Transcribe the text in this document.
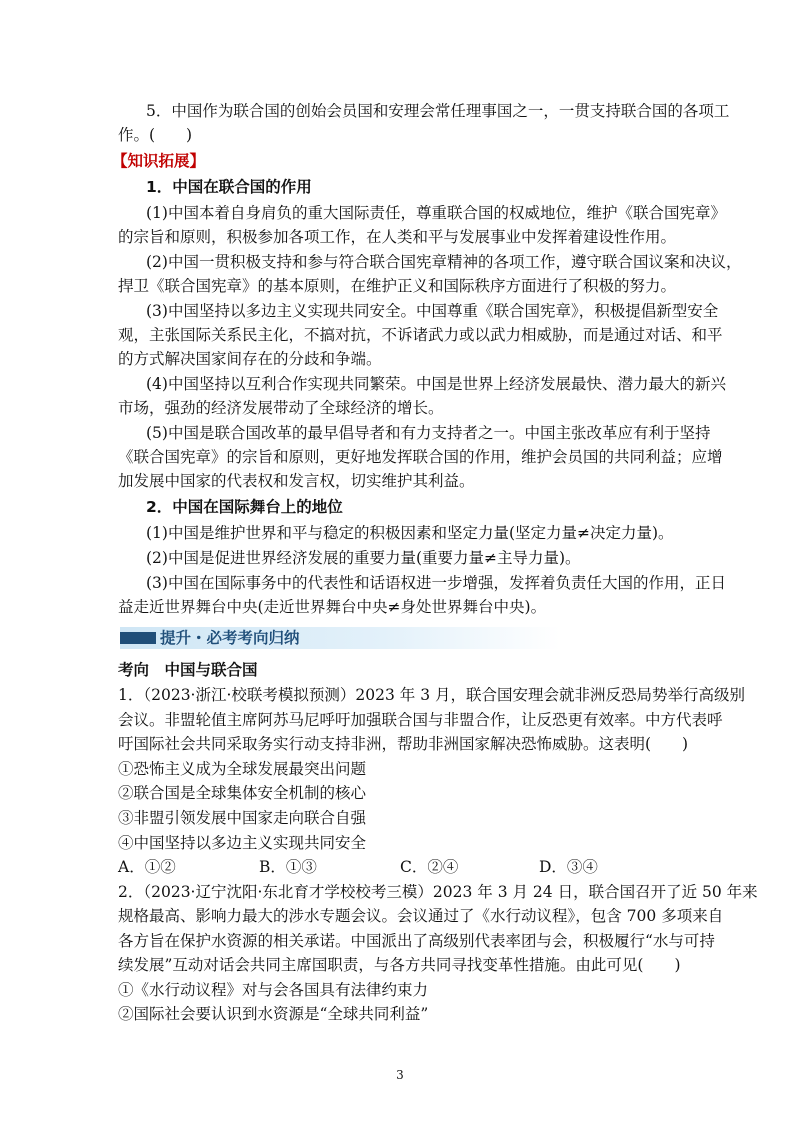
5．中国作为联合国的创始会员国和安理会常任理事国之一，一贯支持联合国的各项工
作。(　　)
【知识拓展】
1．中国在联合国的作用
(1)中国本着自身肩负的重大国际责任，尊重联合国的权威地位，维护《联合国宪章》
的宗旨和原则，积极参加各项工作，在人类和平与发展事业中发挥着建设性作用。
(2)中国一贯积极支持和参与符合联合国宪章精神的各项工作，遵守联合国议案和决议，
捍卫《联合国宪章》的基本原则，在维护正义和国际秩序方面进行了积极的努力。
(3)中国坚持以多边主义实现共同安全。中国尊重《联合国宪章》，积极提倡新型安全
观，主张国际关系民主化，不搞对抗，不诉诸武力或以武力相威胁，而是通过对话、和平
的方式解决国家间存在的分歧和争端。
(4)中国坚持以互利合作实现共同繁荣。中国是世界上经济发展最快、潜力最大的新兴
市场，强劲的经济发展带动了全球经济的增长。
(5)中国是联合国改革的最早倡导者和有力支持者之一。中国主张改革应有利于坚持
《联合国宪章》的宗旨和原则，更好地发挥联合国的作用，维护会员国的共同利益；应增
加发展中国家的代表权和发言权，切实维护其利益。
2．中国在国际舞台上的地位
(1)中国是维护世界和平与稳定的积极因素和坚定力量(坚定力量≠决定力量)。
(2)中国是促进世界经济发展的重要力量(重要力量≠主导力量)。
(3)中国在国际事务中的代表性和话语权进一步增强，发挥着负责任大国的作用，正日
益走近世界舞台中央(走近世界舞台中央≠身处世界舞台中央)。
提升・必考考向归纳
考向　中国与联合国
1．（2023·浙江·校联考模拟预测）2023 年 3 月，联合国安理会就非洲反恐局势举行高级别
会议。非盟轮值主席阿苏马尼呼吁加强联合国与非盟合作，让反恐更有效率。中方代表呼
吁国际社会共同采取务实行动支持非洲，帮助非洲国家解决恐怖威胁。这表明(　　)
①恐怖主义成为全球发展最突出问题
②联合国是全球集体安全机制的核心
③非盟引领发展中国家走向联合自强
④中国坚持以多边主义实现共同安全
A．①②	B．①③	C．②④	D．③④
2．（2023·辽宁沈阳·东北育才学校校考三模）2023 年 3 月 24 日，联合国召开了近 50 年来
规格最高、影响力最大的涉水专题会议。会议通过了《水行动议程》，包含 700 多项来自
各方旨在保护水资源的相关承诺。中国派出了高级别代表率团与会，积极履行“水与可持
续发展”互动对话会共同主席国职责，与各方共同寻找变革性措施。由此可见(　　)
①《水行动议程》对与会各国具有法律约束力
②国际社会要认识到水资源是“全球共同利益”
3
